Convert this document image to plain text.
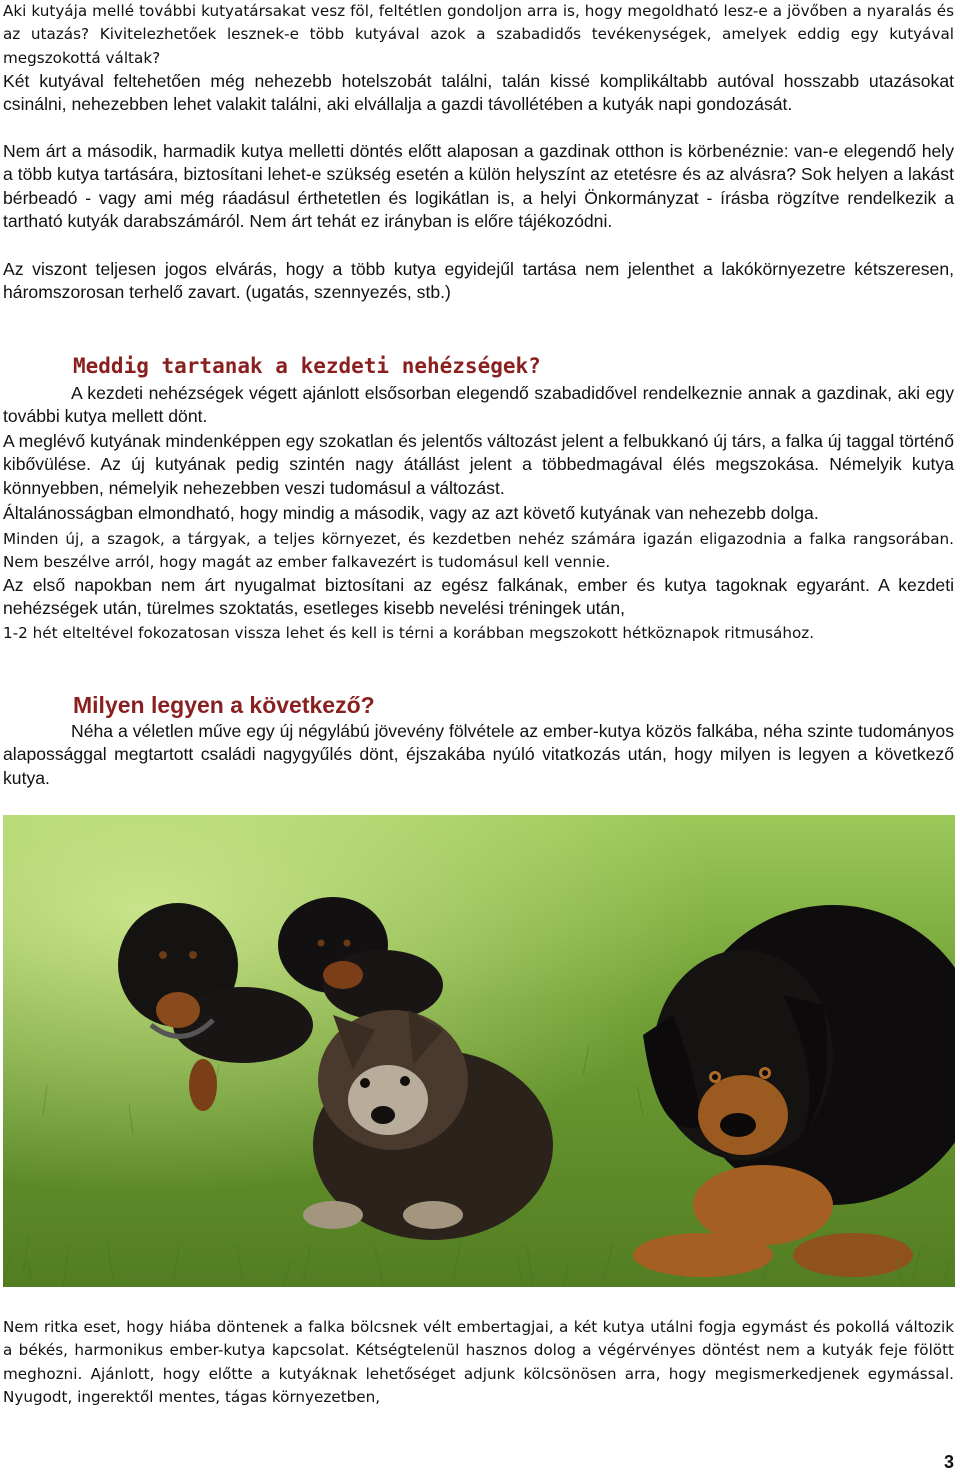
Aki kutyája mellé további kutyatársakat vesz föl, feltétlen gondoljon arra is, hogy megoldható lesz-e a jövőben a nyaralás és az utazás? Kivitelezhetőek lesznek-e több kutyával azok a szabadidős tevékenységek, amelyek eddig egy kutyával megszokottá váltak?

Két kutyával feltehetően még nehezebb hotelszobát találni, talán kissé komplikáltabb autóval hosszabb utazásokat csinálni, nehezebben lehet valakit találni, aki elvállalja a gazdi távollétében a kutyák napi gondozását.

Nem árt a második, harmadik kutya melletti döntés előtt alaposan a gazdinak otthon is körbenéznie: van-e elegendő hely a több kutya tartására, biztosítani lehet-e szükség esetén a külön helyszínt az etetésre és az alvásra? Sok helyen a lakást bérbeadó - vagy ami még ráadásul érthetetlen és logikátlan is, a helyi Önkormányzat - írásba rögzítve rendelkezik a tartható kutyák darabszámáról. Nem árt tehát ez irányban is előre tájékozódni.

Az viszont teljesen jogos elvárás, hogy a több kutya egyidejűl tartása nem jelenthet a lakókörnyezetre kétszeresen, háromszorosan terhelő zavart. (ugatás, szennyezés, stb.)

Meddig tartanak a kezdeti nehézségek?

A kezdeti nehézségek végett ajánlott elsősorban elegendő szabadidővel rendelkeznie annak a gazdinak, aki egy további kutya mellett dönt.

A meglévő kutyának mindenképpen egy szokatlan és jelentős változást jelent a felbukkanó új társ, a falka új taggal történő kibővülése. Az új kutyának pedig szintén nagy átállást jelent a többedmagával élés megszokása. Némelyik kutya könnyebben, némelyik nehezebben veszi tudomásul a változást.

Általánosságban elmondható, hogy mindig a második, vagy az azt követő kutyának van nehezebb dolga.

Minden új, a szagok, a tárgyak, a teljes környezet, és kezdetben nehéz számára igazán eligazodnia a falka rangsorában. Nem beszélve arról, hogy magát az ember falkavezért is tudomásul kell vennie.

Az első napokban nem árt nyugalmat biztosítani az egész falkának, ember és kutya tagoknak egyaránt. A kezdeti nehézségek után, türelmes szoktatás, esetleges kisebb nevelési tréningek után,

1-2 hét elteltével fokozatosan vissza lehet és kell is térni a korábban megszokott hétköznapok ritmusához.

Milyen legyen a következő?

Néha a véletlen műve egy új négylábú jövevény fölvétele az ember-kutya közös falkába, néha szinte tudományos alapossággal megtartott családi nagygyűlés dönt, éjszakába nyúló vitatkozás után, hogy milyen is legyen a következő kutya.

Nem ritka eset, hogy hiába döntenek a falka bölcsnek vélt embertagjai, a két kutya utálni fogja egymást és pokollá változik a békés, harmonikus ember-kutya kapcsolat. Kétségtelenül hasznos dolog a végérvényes döntést nem a kutyák feje fölött meghozni. Ajánlott, hogy előtte a kutyáknak lehetőséget adjunk kölcsönösen arra, hogy megismerkedjenek egymással. Nyugodt, ingerektől mentes, tágas környezetben,

3
